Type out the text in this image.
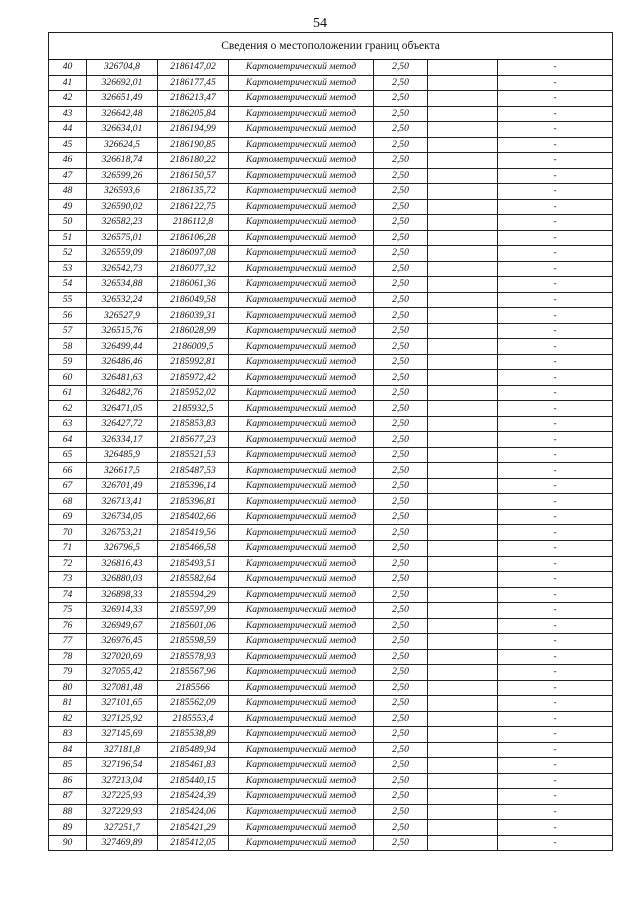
54
Сведения о местоположении границ объекта						
40	326704,8	2186147,02	Картометрический метод	2,50		-
41	326692,01	2186177,45	Картометрический метод	2,50		-
42	326651,49	2186213,47	Картометрический метод	2,50		-
43	326642,48	2186205,84	Картометрический метод	2,50		-
44	326634,01	2186194,99	Картометрический метод	2,50		-
45	326624,5	2186190,85	Картометрический метод	2,50		-
46	326618,74	2186180,22	Картометрический метод	2,50		-
47	326599,26	2186150,57	Картометрический метод	2,50		-
48	326593,6	2186135,72	Картометрический метод	2,50		-
49	326590,02	2186122,75	Картометрический метод	2,50		-
50	326582,23	2186112,8	Картометрический метод	2,50		-
51	326575,01	2186106,28	Картометрический метод	2,50		-
52	326559,09	2186097,08	Картометрический метод	2,50		-
53	326542,73	2186077,32	Картометрический метод	2,50		-
54	326534,88	2186061,36	Картометрический метод	2,50		-
55	326532,24	2186049,58	Картометрический метод	2,50		-
56	326527,9	2186039,31	Картометрический метод	2,50		-
57	326515,76	2186028,99	Картометрический метод	2,50		-
58	326499,44	2186009,5	Картометрический метод	2,50		-
59	326486,46	2185992,81	Картометрический метод	2,50		-
60	326481,63	2185972,42	Картометрический метод	2,50		-
61	326482,76	2185952,02	Картометрический метод	2,50		-
62	326471,05	2185932,5	Картометрический метод	2,50		-
63	326427,72	2185853,83	Картометрический метод	2,50		-
64	326334,17	2185677,23	Картометрический метод	2,50		-
65	326485,9	2185521,53	Картометрический метод	2,50		-
66	326617,5	2185487,53	Картометрический метод	2,50		-
67	326701,49	2185396,14	Картометрический метод	2,50		-
68	326713,41	2185396,81	Картометрический метод	2,50		-
69	326734,05	2185402,66	Картометрический метод	2,50		-
70	326753,21	2185419,56	Картометрический метод	2,50		-
71	326796,5	2185466,58	Картометрический метод	2,50		-
72	326816,43	2185493,51	Картометрический метод	2,50		-
73	326880,03	2185582,64	Картометрический метод	2,50		-
74	326898,33	2185594,29	Картометрический метод	2,50		-
75	326914,33	2185597,99	Картометрический метод	2,50		-
76	326949,67	2185601,06	Картометрический метод	2,50		-
77	326976,45	2185598,59	Картометрический метод	2,50		-
78	327020,69	2185578,93	Картометрический метод	2,50		-
79	327055,42	2185567,96	Картометрический метод	2,50		-
80	327081,48	2185566	Картометрический метод	2,50		-
81	327101,65	2185562,09	Картометрический метод	2,50		-
82	327125,92	2185553,4	Картометрический метод	2,50		-
83	327145,69	2185538,89	Картометрический метод	2,50		-
84	327181,8	2185489,94	Картометрический метод	2,50		-
85	327196,54	2185461,83	Картометрический метод	2,50		-
86	327213,04	2185440,15	Картометрический метод	2,50		-
87	327225,93	2185424,39	Картометрический метод	2,50		-
88	327229,93	2185424,06	Картометрический метод	2,50		-
89	327251,7	2185421,29	Картометрический метод	2,50		-
90	327469,89	2185412,05	Картометрический метод	2,50		-
